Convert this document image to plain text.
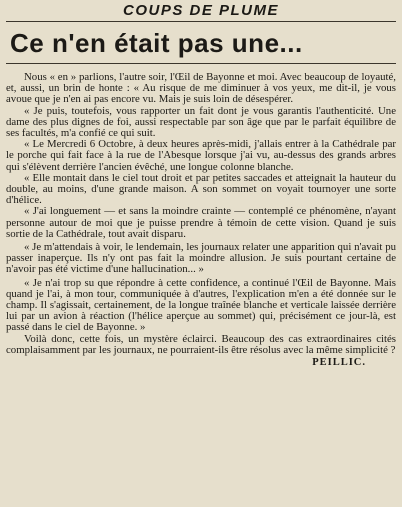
COUPS DE PLUME
Ce n'en était pas une...

Nous « en » parlions, l'autre soir, l'Œil de Bayonne et moi. Avec beaucoup de loyauté, et, aussi, un brin de honte : « Au risque de me diminuer à vos yeux, me dit-il, je vous avoue que je n'en ai pas encore vu. Mais je suis loin de désespérer.

« Je puis, toutefois, vous rapporter un fait dont je vous garantis l'authenticité. Une dame des plus dignes de foi, aussi respectable par son âge que par le parfait équilibre de ses facultés, m'a confié ce qui suit.

« Le Mercredi 6 Octobre, à deux heures après-midi, j'allais entrer à la Cathédrale par le porche qui fait face à la rue de l'Abesque lorsque j'ai vu, au-dessus des grands arbres qui s'élèvent derrière l'ancien évêché, une longue colonne blanche.

« Elle montait dans le ciel tout droit et par petites saccades et atteignait la hauteur du double, au moins, d'une grande maison. A son sommet on voyait tournoyer une sorte d'hélice.

« J'ai longuement — et sans la moindre crainte — contemplé ce phénomène, n'ayant personne autour de moi que je puisse prendre à témoin de cette vision. Quand je suis sortie de la Cathédrale, tout avait disparu.

« Je m'attendais à voir, le lendemain, les journaux relater une apparition qui n'avait pu passer inaperçue. Ils n'y ont pas fait la moindre allusion. Je suis pourtant certaine de n'avoir pas été victime d'une hallucination... »

« Je n'ai trop su que répondre à cette confidence, a continué l'Œil de Bayonne. Mais quand je l'ai, à mon tour, communiquée à d'autres, l'explication m'en a été donnée sur le champ. Il s'agissait, certainement, de la longue traînée blanche et verticale laissée derrière lui par un avion à réaction (l'hélice aperçue au sommet) qui, précisément ce jour-là, est passé dans le ciel de Bayonne. »

Voilà donc, cette fois, un mystère éclairci. Beaucoup des cas extraordinaires cités complaisamment par les journaux, ne pourraient-ils être résolus avec la même simplicité ?

PEILLIC.
